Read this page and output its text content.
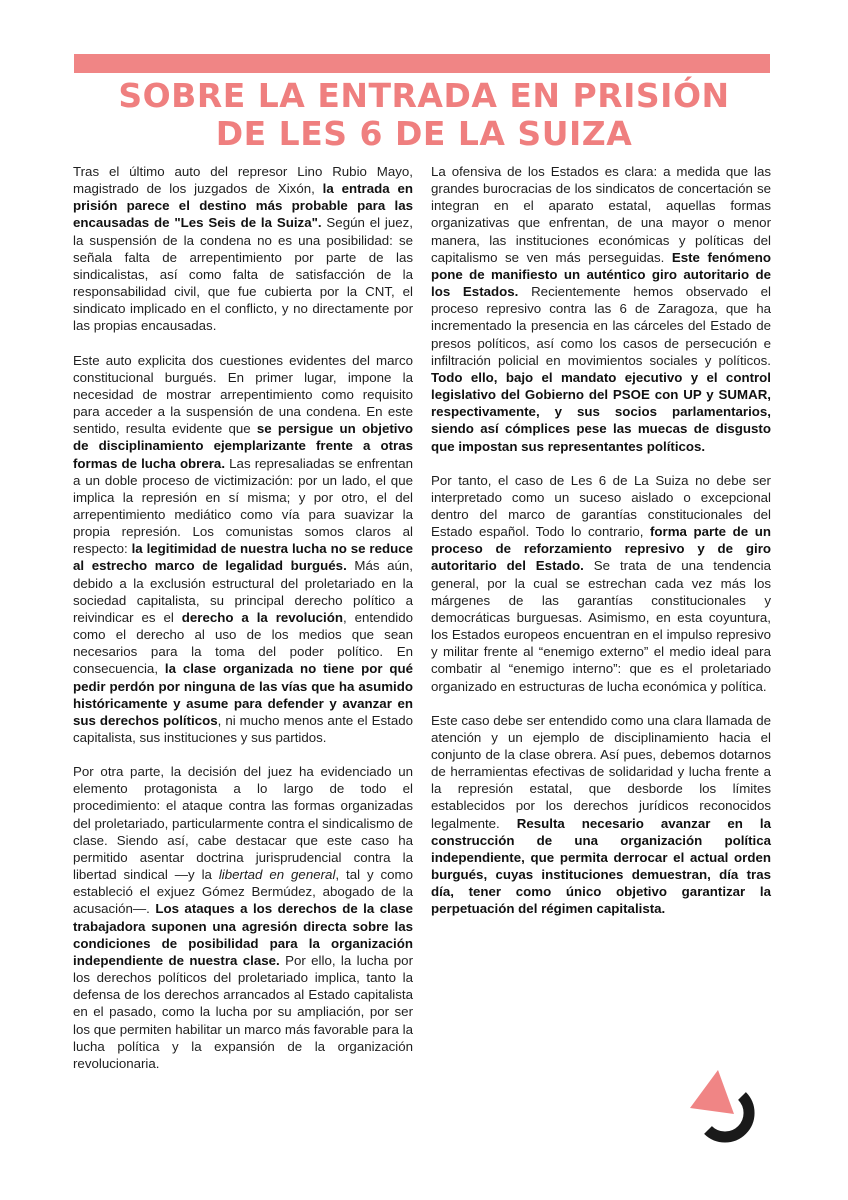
SOBRE LA ENTRADA EN PRISIÓN
DE LES 6 DE LA SUIZA

Tras el último auto del represor Lino Rubio Mayo, magistrado de los juzgados de Xixón, la entrada en prisión parece el destino más probable para las encausadas de "Les Seis de la Suiza". Según el juez, la suspensión de la condena no es una posibilidad: se señala falta de arrepentimiento por parte de las sindicalistas, así como falta de satisfacción de la responsabilidad civil, que fue cubierta por la CNT, el sindicato implicado en el conflicto, y no directamente por las propias encausadas.

Este auto explicita dos cuestiones evidentes del marco constitucional burgués. En primer lugar, impone la necesidad de mostrar arrepentimiento como requisito para acceder a la suspensión de una condena. En este sentido, resulta evidente que se persigue un objetivo de disciplinamiento ejemplarizante frente a otras formas de lucha obrera. Las represaliadas se enfrentan a un doble proceso de victimización: por un lado, el que implica la represión en sí misma; y por otro, el del arrepentimiento mediático como vía para suavizar la propia represión. Los comunistas somos claros al respecto: la legitimidad de nuestra lucha no se reduce al estrecho marco de legalidad burgués. Más aún, debido a la exclusión estructural del proletariado en la sociedad capitalista, su principal derecho político a reivindicar es el derecho a la revolución, entendido como el derecho al uso de los medios que sean necesarios para la toma del poder político. En consecuencia, la clase organizada no tiene por qué pedir perdón por ninguna de las vías que ha asumido históricamente y asume para defender y avanzar en sus derechos políticos, ni mucho menos ante el Estado capitalista, sus instituciones y sus partidos.

Por otra parte, la decisión del juez ha evidenciado un elemento protagonista a lo largo de todo el procedimiento: el ataque contra las formas organizadas del proletariado, particularmente contra el sindicalismo de clase. Siendo así, cabe destacar que este caso ha permitido asentar doctrina jurisprudencial contra la libertad sindical —y la libertad en general, tal y como estableció el exjuez Gómez Bermúdez, abogado de la acusación—. Los ataques a los derechos de la clase trabajadora suponen una agresión directa sobre las condiciones de posibilidad para la organización independiente de nuestra clase. Por ello, la lucha por los derechos políticos del proletariado implica, tanto la defensa de los derechos arrancados al Estado capitalista en el pasado, como la lucha por su ampliación, por ser los que permiten habilitar un marco más favorable para la lucha política y la expansión de la organización revolucionaria.

La ofensiva de los Estados es clara: a medida que las grandes burocracias de los sindicatos de concertación se integran en el aparato estatal, aquellas formas organizativas que enfrentan, de una mayor o menor manera, las instituciones económicas y políticas del capitalismo se ven más perseguidas. Este fenómeno pone de manifiesto un auténtico giro autoritario de los Estados. Recientemente hemos observado el proceso represivo contra las 6 de Zaragoza, que ha incrementado la presencia en las cárceles del Estado de presos políticos, así como los casos de persecución e infiltración policial en movimientos sociales y políticos. Todo ello, bajo el mandato ejecutivo y el control legislativo del Gobierno del PSOE con UP y SUMAR, respectivamente, y sus socios parlamentarios, siendo así cómplices pese las muecas de disgusto que impostan sus representantes políticos.

Por tanto, el caso de Les 6 de La Suiza no debe ser interpretado como un suceso aislado o excepcional dentro del marco de garantías constitucionales del Estado español. Todo lo contrario, forma parte de un proceso de reforzamiento represivo y de giro autoritario del Estado. Se trata de una tendencia general, por la cual se estrechan cada vez más los márgenes de las garantías constitucionales y democráticas burguesas. Asimismo, en esta coyuntura, los Estados europeos encuentran en el impulso represivo y militar frente al “enemigo externo” el medio ideal para combatir al “enemigo interno”: que es el proletariado organizado en estructuras de lucha económica y política.

Este caso debe ser entendido como una clara llamada de atención y un ejemplo de disciplinamiento hacia el conjunto de la clase obrera. Así pues, debemos dotarnos de herramientas efectivas de solidaridad y lucha frente a la represión estatal, que desborde los límites establecidos por los derechos jurídicos reconocidos legalmente. Resulta necesario avanzar en la construcción de una organización política independiente, que permita derrocar el actual orden burgués, cuyas instituciones demuestran, día tras día, tener como único objetivo garantizar la perpetuación del régimen capitalista.
